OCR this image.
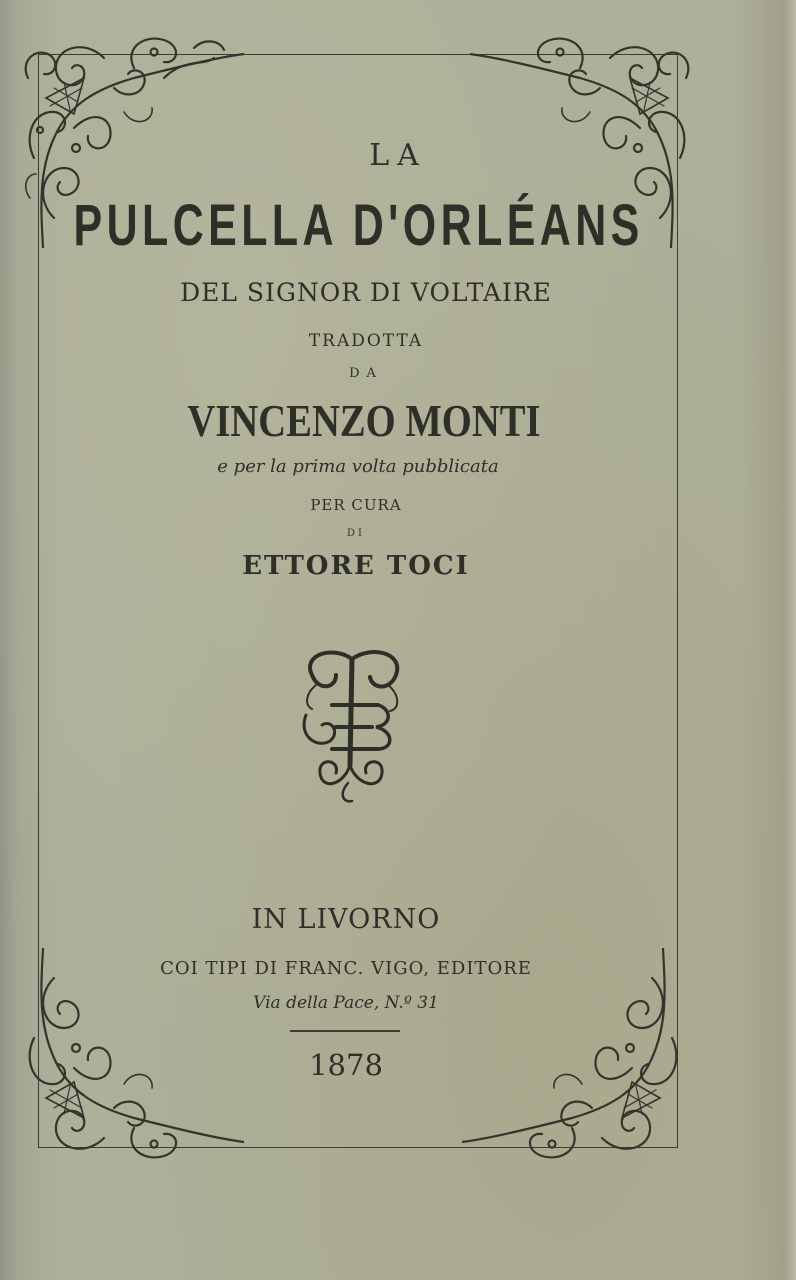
LA
PULCELLA D'ORLÉANS
DEL SIGNOR DI VOLTAIRE
TRADOTTA
DA
VINCENZO MONTI
e per la prima volta pubblicata
PER CURA
DI
ETTORE TOCI
IN LIVORNO
COI TIPI DI FRANC. VIGO, EDITORE
Via della Pace, N.º 31
1878
